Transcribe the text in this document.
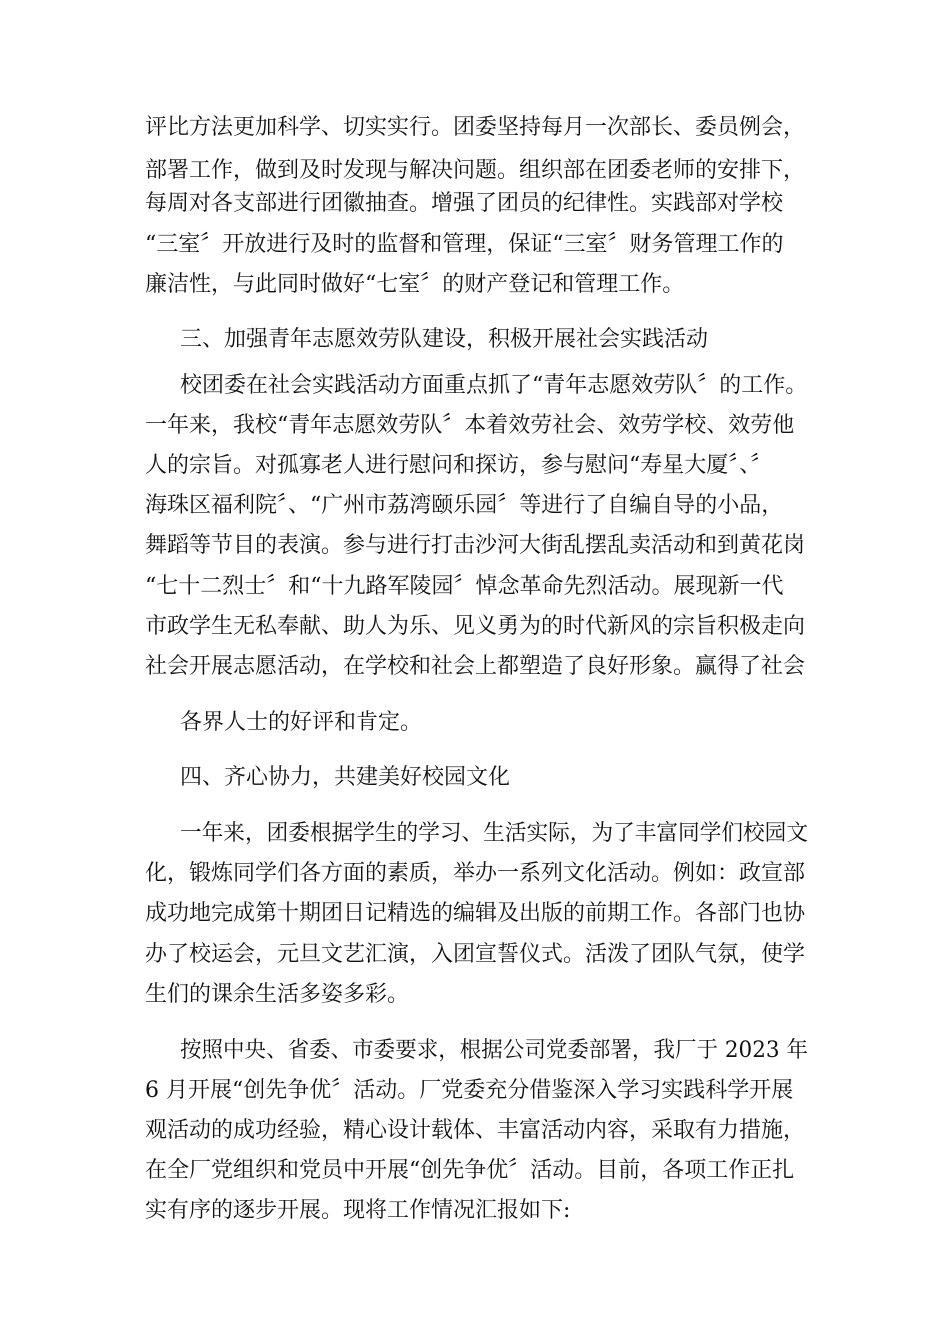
评比方法更加科学、切实实行。团委坚持每月一次部长、委员例会，
部署工作，做到及时发现与解决问题。组织部在团委老师的安排下，
每周对各支部进行团徽抽查。增强了团员的纪律性。实践部对学校
“三室〞开放进行及时的监督和管理，保证“三室〞财务管理工作的
廉洁性，与此同时做好“七室〞的财产登记和管理工作。
三、加强青年志愿效劳队建设，积极开展社会实践活动
校团委在社会实践活动方面重点抓了“青年志愿效劳队〞的工作。
一年来，我校“青年志愿效劳队〞本着效劳社会、效劳学校、效劳他
人的宗旨。对孤寡老人进行慰问和探访，参与慰问“寿星大厦〞、〞
海珠区福利院〞、“广州市荔湾颐乐园〞等进行了自编自导的小品，
舞蹈等节目的表演。参与进行打击沙河大街乱摆乱卖活动和到黄花岗
“七十二烈士〞和“十九路军陵园〞悼念革命先烈活动。展现新一代
市政学生无私奉献、助人为乐、见义勇为的时代新风的宗旨积极走向
社会开展志愿活动，在学校和社会上都塑造了良好形象。赢得了社会
各界人士的好评和肯定。
四、齐心协力，共建美好校园文化
一年来，团委根据学生的学习、生活实际，为了丰富同学们校园文
化，锻炼同学们各方面的素质，举办一系列文化活动。例如：政宣部
成功地完成第十期团日记精选的编辑及出版的前期工作。各部门也协
办了校运会，元旦文艺汇演，入团宣誓仪式。活泼了团队气氛，使学
生们的课余生活多姿多彩。
按照中央、省委、市委要求，根据公司党委部署，我厂于 2023 年
6 月开展“创先争优〞活动。厂党委充分借鉴深入学习实践科学开展
观活动的成功经验，精心设计载体、丰富活动内容，采取有力措施，
在全厂党组织和党员中开展“创先争优〞活动。目前，各项工作正扎
实有序的逐步开展。现将工作情况汇报如下:
